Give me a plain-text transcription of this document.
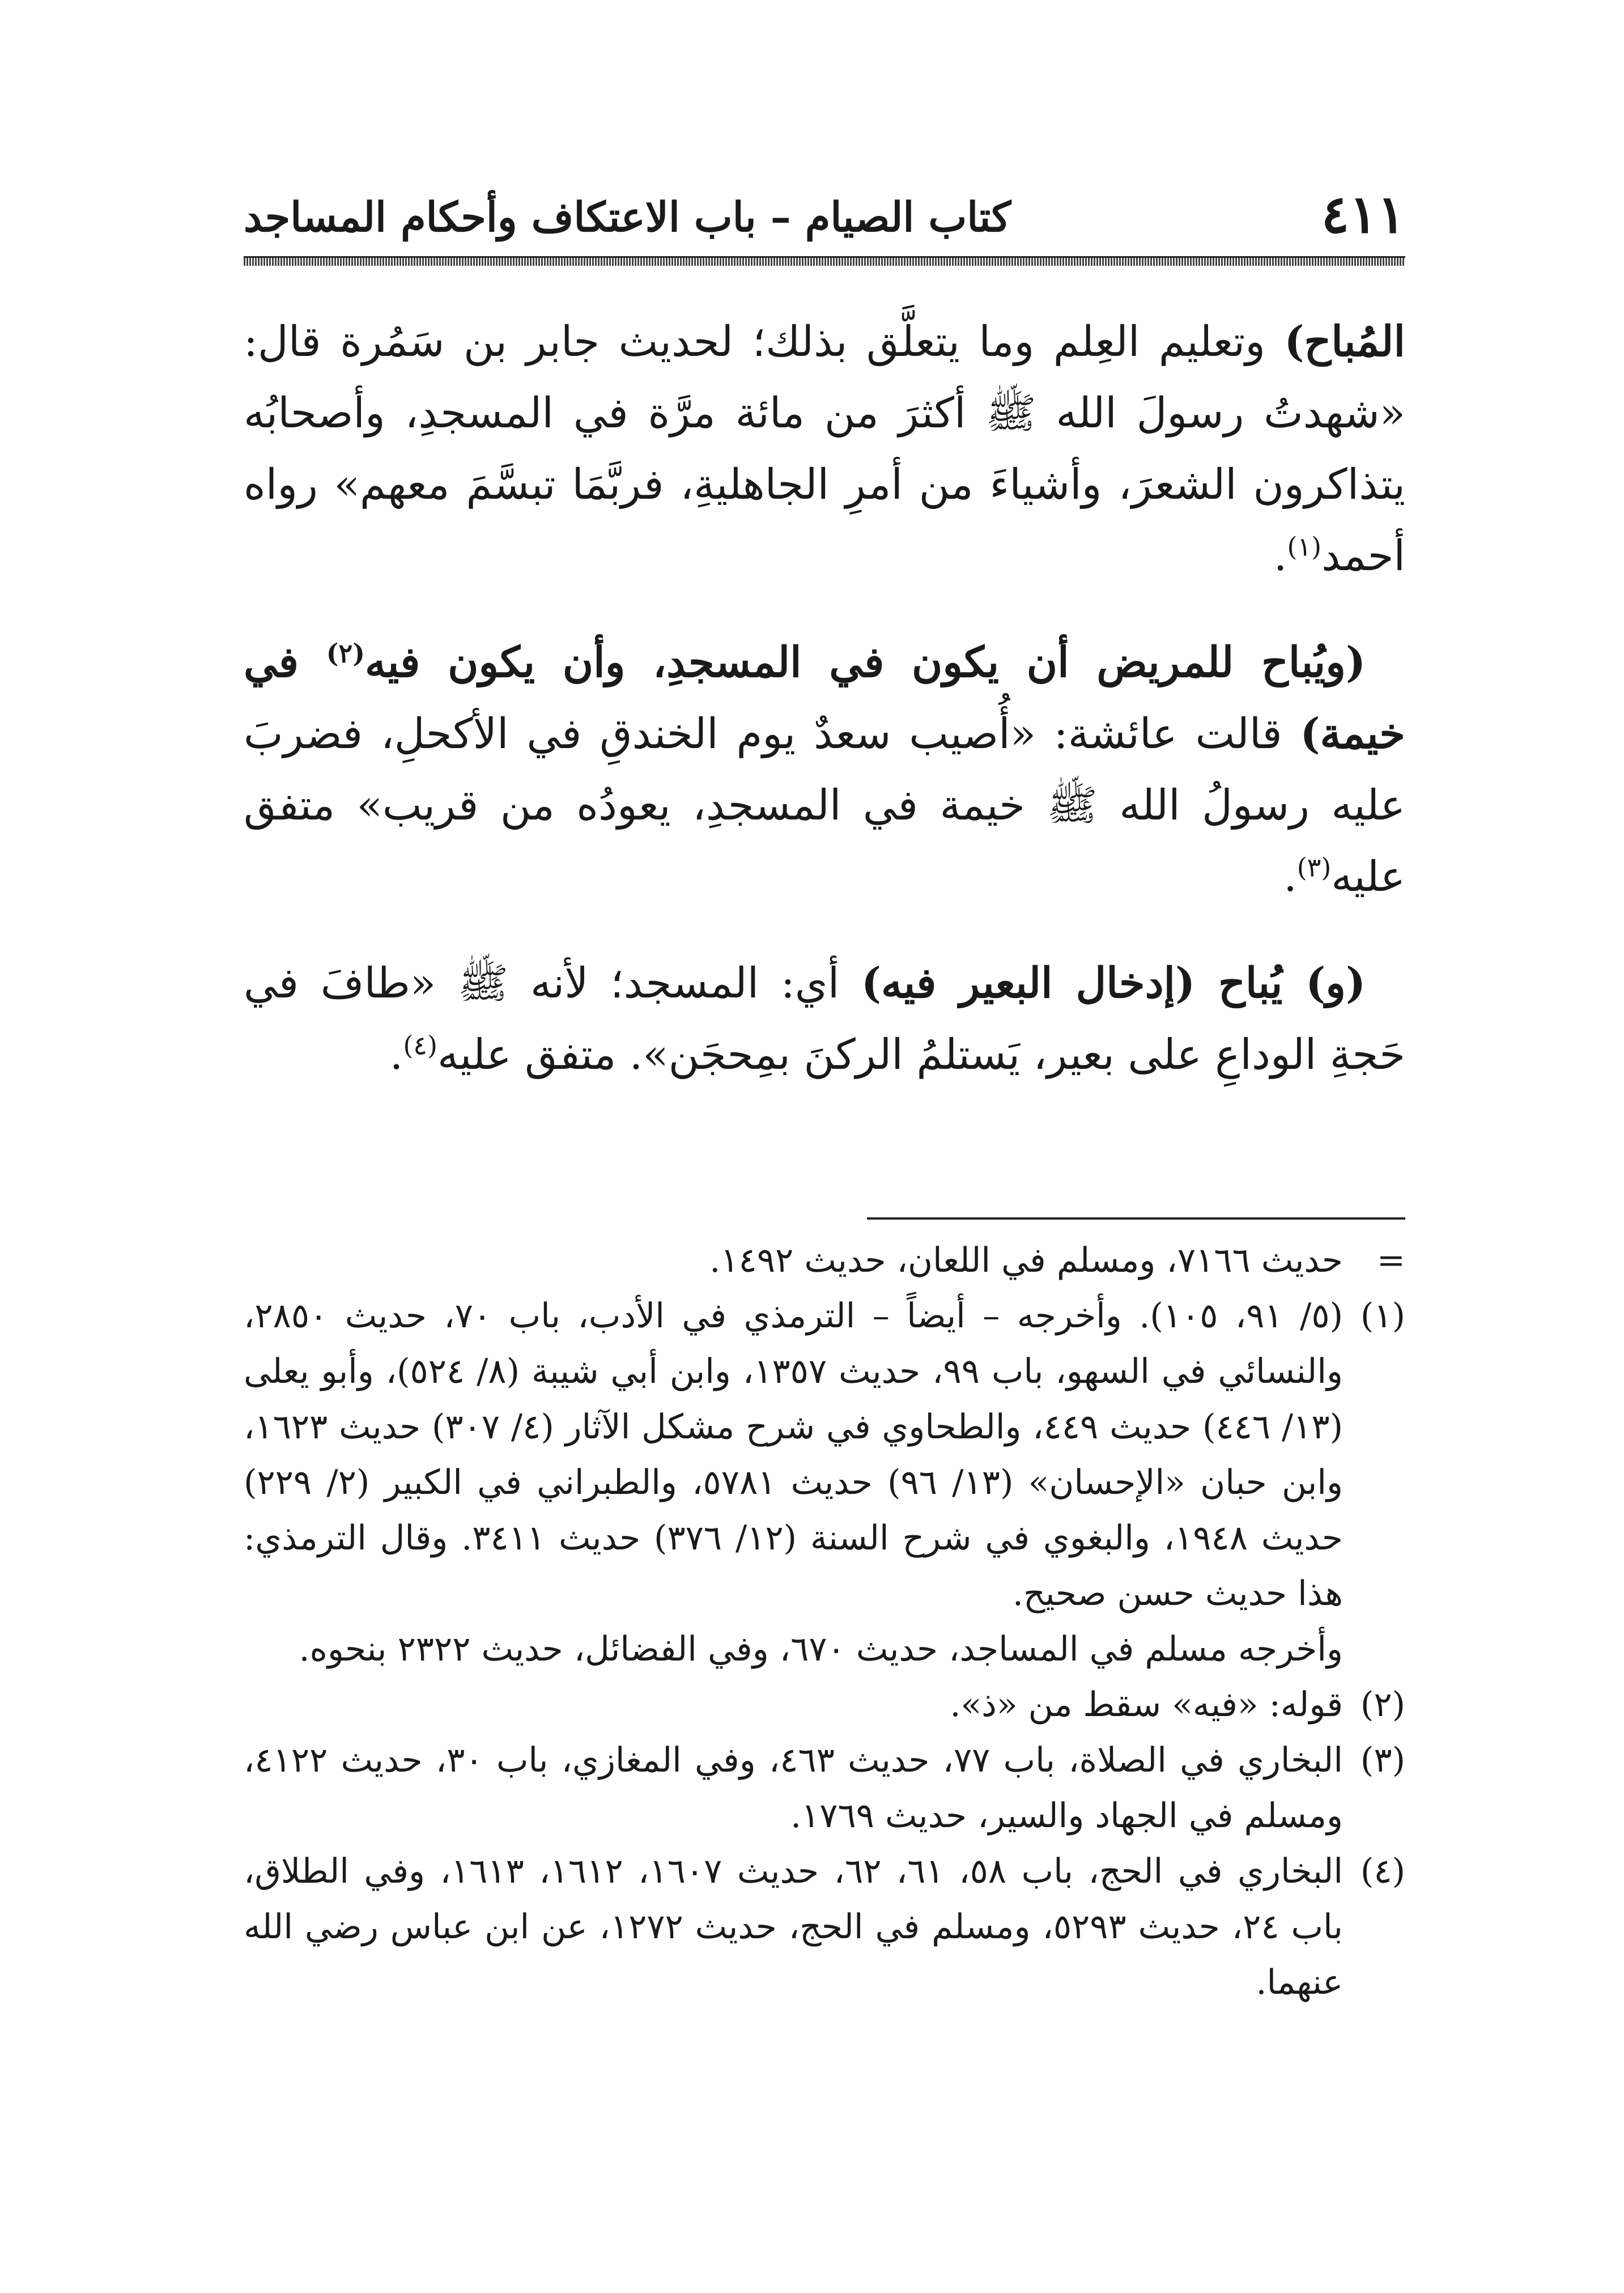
٤١١
كتاب الصيام – باب الاعتكاف وأحكام المساجد

المُباح) وتعليم العِلم وما يتعلَّق بذلك؛ لحديث جابر بن سَمُرة قال: «شهدتُ رسولَ الله ﷺ أكثرَ من مائة مرَّة في المسجدِ، وأصحابُه يتذاكرون الشعرَ، وأشياءَ من أمرِ الجاهليةِ، فربَّمَا تبسَّمَ معهم» رواه أحمد$^{(١)}$.

(ويُباح للمريض أن يكون في المسجدِ، وأن يكون فيه$^{(٢)}$ في خيمة) قالت عائشة: «أُصيب سعدٌ يوم الخندقِ في الأكحلِ، فضربَ عليه رسولُ الله ﷺ خيمة في المسجدِ، يعودُه من قريب» متفق عليه$^{(٣)}$.

(و) يُباح (إدخال البعير فيه) أي: المسجد؛ لأنه ﷺ «طافَ في حَجةِ الوداعِ على بعير، يَستلمُ الركنَ بمِحجَن». متفق عليه$^{(٤)}$.

=
حديث ٧١٦٦، ومسلم في اللعان، حديث ١٤٩٢.
(١)
(٥/ ٩١، ١٠٥). وأخرجه – أيضاً – الترمذي في الأدب، باب ٧٠، حديث ٢٨٥٠، والنسائي في السهو، باب ٩٩، حديث ١٣٥٧، وابن أبي شيبة (٨/ ٥٢٤)، وأبو يعلى (١٣/ ٤٤٦) حديث ٤٤٩، والطحاوي في شرح مشكل الآثار (٤/ ٣٠٧) حديث ١٦٢٣، وابن حبان «الإحسان» (١٣/ ٩٦) حديث ٥٧٨١، والطبراني في الكبير (٢/ ٢٢٩) حديث ١٩٤٨، والبغوي في شرح السنة (١٢/ ٣٧٦) حديث ٣٤١١. وقال الترمذي: هذا حديث حسن صحيح.
وأخرجه مسلم في المساجد، حديث ٦٧٠، وفي الفضائل، حديث ٢٣٢٢ بنحوه.
(٢)
قوله: «فيه» سقط من «ذ».
(٣)
البخاري في الصلاة، باب ٧٧، حديث ٤٦٣، وفي المغازي، باب ٣٠، حديث ٤١٢٢، ومسلم في الجهاد والسير، حديث ١٧٦٩.
(٤)
البخاري في الحج، باب ٥٨، ٦١، ٦٢، حديث ١٦٠٧، ١٦١٢، ١٦١٣، وفي الطلاق، باب ٢٤، حديث ٥٢٩٣، ومسلم في الحج، حديث ١٢٧٢، عن ابن عباس رضي الله عنهما.
